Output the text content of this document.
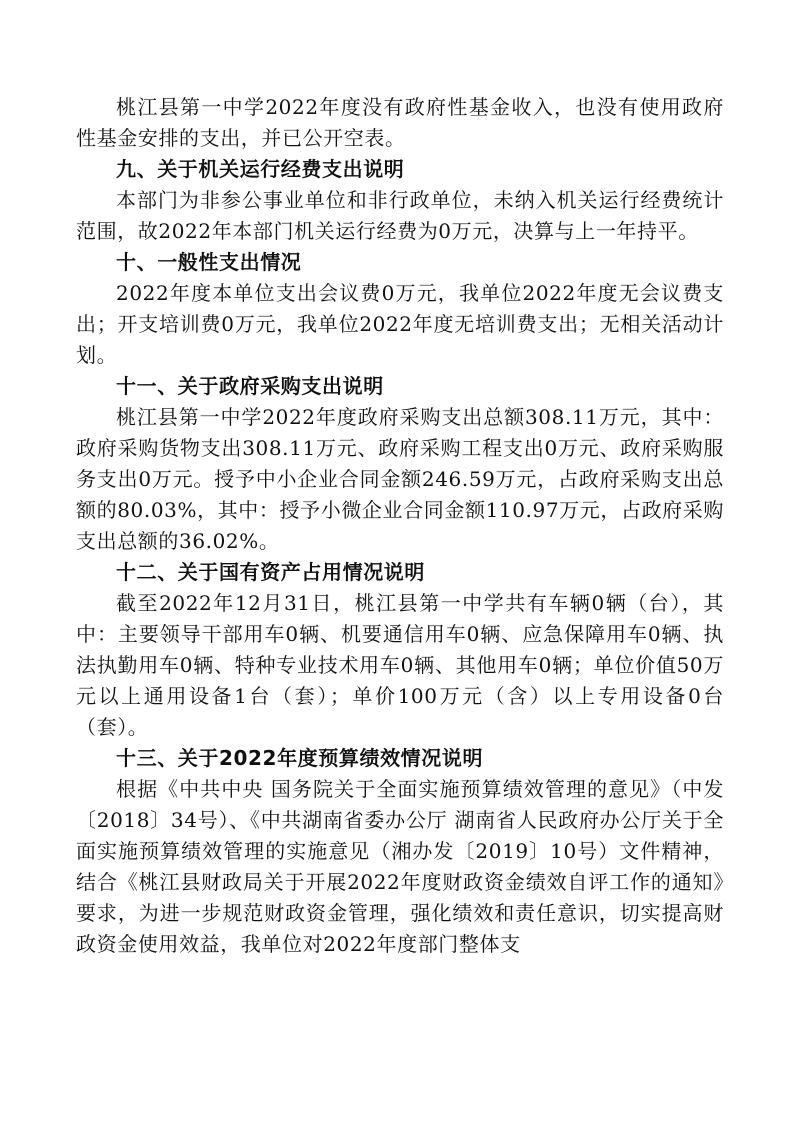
桃江县第一中学2022年度没有政府性基金收入，也没有使用政府性基金安排的支出，并已公开空表。

九、关于机关运行经费支出说明

本部门为非参公事业单位和非行政单位，未纳入机关运行经费统计范围，故2022年本部门机关运行经费为0万元，决算与上一年持平。

十、一般性支出情况

2022年度本单位支出会议费0万元，我单位2022年度无会议费支出；开支培训费0万元，我单位2022年度无培训费支出；无相关活动计划。

十一、关于政府采购支出说明

桃江县第一中学2022年度政府采购支出总额308.11万元，其中：政府采购货物支出308.11万元、政府采购工程支出0万元、政府采购服务支出0万元。授予中小企业合同金额246.59万元，占政府采购支出总额的80.03%，其中：授予小微企业合同金额110.97万元，占政府采购支出总额的36.02%。

十二、关于国有资产占用情况说明

截至2022年12月31日，桃江县第一中学共有车辆0辆（台），其中：主要领导干部用车0辆、机要通信用车0辆、应急保障用车0辆、执法执勤用车0辆、特种专业技术用车0辆、其他用车0辆；单位价值50万元以上通用设备1台（套）；单价100万元（含）以上专用设备0台（套）。

十三、关于2022年度预算绩效情况说明

根据《中共中央 国务院关于全面实施预算绩效管理的意见》（中发〔2018〕34号）、《中共湖南省委办公厅 湖南省人民政府办公厅关于全面实施预算绩效管理的实施意见（湘办发〔2019〕10号）文件精神，结合《桃江县财政局关于开展2022年度财政资金绩效自评工作的通知》要求，为进一步规范财政资金管理，强化绩效和责任意识，切实提高财政资金使用效益，我单位对2022年度部门整体支
